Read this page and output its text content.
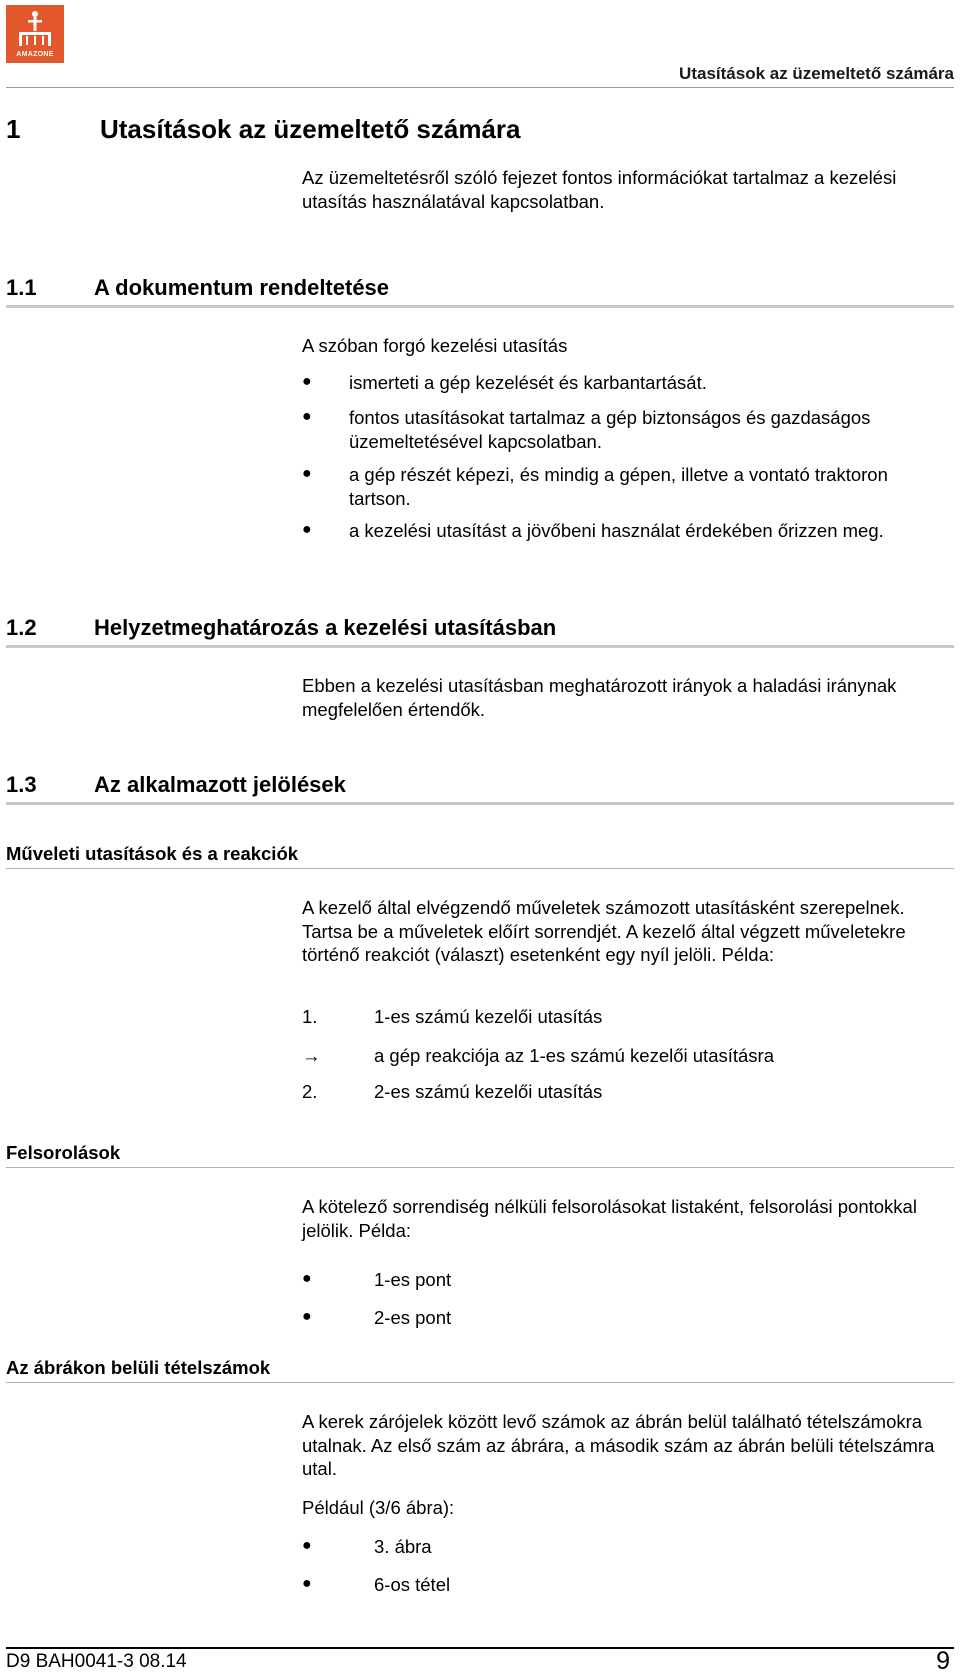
AMAZONE
Utasítások az üzemeltető számára
1	Utasítások az üzemeltető számára

Az üzemeltetésről szóló fejezet fontos információkat tartalmaz a kezelési utasítás használatával kapcsolatban.

1.1	A dokumentum rendeltetése

A szóban forgó kezelési utasítás

● ismerteti a gép kezelését és karbantartását.
● fontos utasításokat tartalmaz a gép biztonságos és gazdaságos üzemeltetésével kapcsolatban.
● a gép részét képezi, és mindig a gépen, illetve a vontató traktoron tartson.
● a kezelési utasítást a jövőbeni használat érdekében őrizzen meg.
1.2	Helyzetmeghatározás a kezelési utasításban

Ebben a kezelési utasításban meghatározott irányok a haladási iránynak megfelelően értendők.

1.3	Az alkalmazott jelölések
Műveleti utasítások és a reakciók

A kezelő által elvégzendő műveletek számozott utasításként szerepelnek. Tartsa be a műveletek előírt sorrendjét. A kezelő által végzett műveletekre történő reakciót (választ) esetenként egy nyíl jelöli. Példa:

1.	1-es számú kezelői utasítás
→	a gép reakciója az 1-es számú kezelői utasításra
2.	2-es számú kezelői utasítás
Felsorolások

A kötelező sorrendiség nélküli felsorolásokat listaként, felsorolási pontokkal jelölik. Példa:

●	1-es pont
●	2-es pont
Az ábrákon belüli tételszámok

A kerek zárójelek között levő számok az ábrán belül található tételszámokra utalnak. Az első szám az ábrára, a második szám az ábrán belüli tételszámra utal.

Például (3/6 ábra):
●	3. ábra
●	6-os tétel
D9 BAH0041-3 08.14	9
